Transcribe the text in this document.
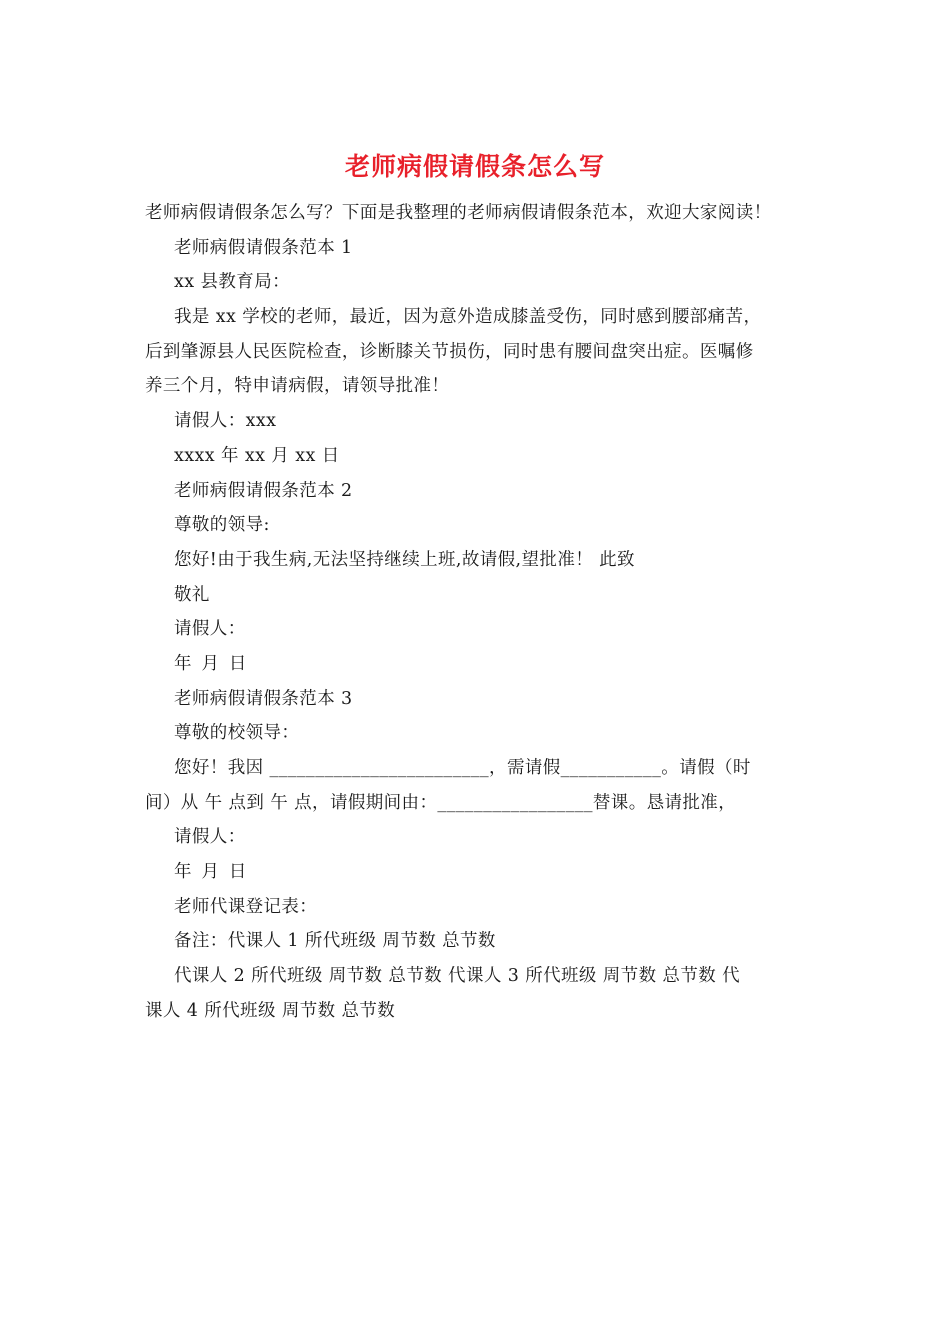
老师病假请假条怎么写
老师病假请假条怎么写？下面是我整理的老师病假请假条范本，欢迎大家阅读！
老师病假请假条范本 1
xx 县教育局：
我是 xx 学校的老师，最近，因为意外造成膝盖受伤，同时感到腰部痛苦，
后到肇源县人民医院检查，诊断膝关节损伤，同时患有腰间盘突出症。医嘱修
养三个月，特申请病假，请领导批准！
请假人：xxx
xxxx 年 xx 月 xx 日
老师病假请假条范本 2
尊敬的领导:
您好!由于我生病,无法坚持继续上班,故请假,望批准！ 此致
敬礼
请假人：
年 月 日
老师病假请假条范本 3
尊敬的校领导：
您好！我因 ________________________，需请假___________。请假（时
间）从 午 点到 午 点，请假期间由：_________________替课。恳请批准，
请假人：
年 月 日
老师代课登记表：
备注：代课人 1 所代班级 周节数 总节数
代课人 2 所代班级 周节数 总节数 代课人 3 所代班级 周节数 总节数 代
课人 4 所代班级 周节数 总节数
